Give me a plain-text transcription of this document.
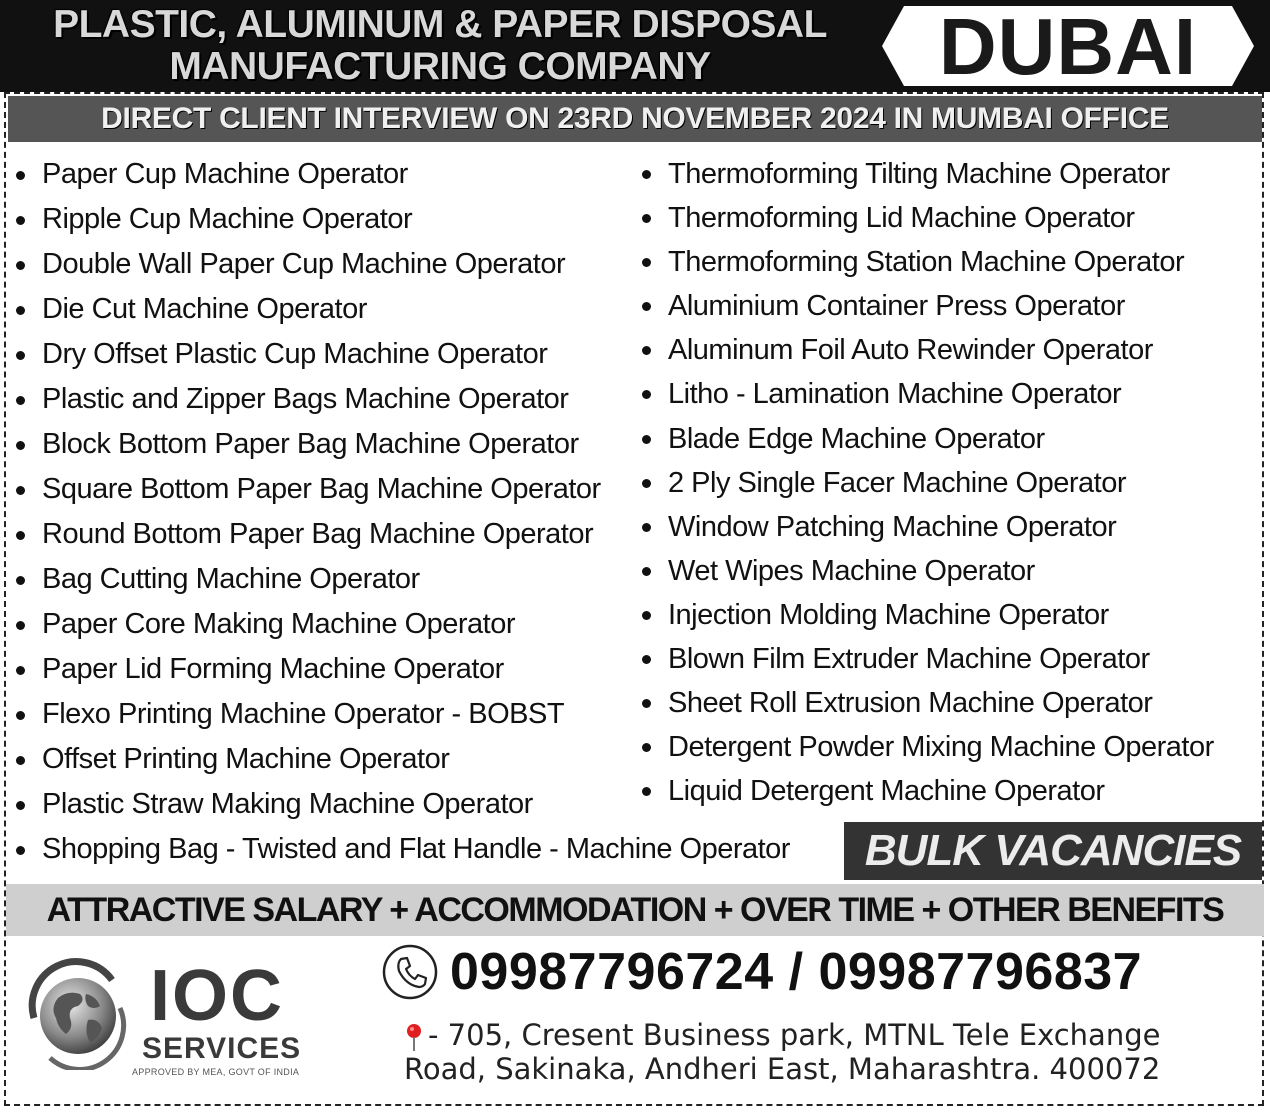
PLASTIC, ALUMINUM & PAPER DISPOSAL
MANUFACTURING COMPANY	DUBAI
DIRECT CLIENT INTERVIEW ON 23RD NOVEMBER 2024 IN MUMBAI OFFICE
Paper Cup Machine Operator
Ripple Cup Machine Operator
Double Wall Paper Cup Machine Operator
Die Cut Machine Operator
Dry Offset Plastic Cup Machine Operator
Plastic and Zipper Bags Machine Operator
Block Bottom Paper Bag Machine Operator
Square Bottom Paper Bag Machine Operator
Round Bottom Paper Bag Machine Operator
Bag Cutting Machine Operator
Paper Core Making Machine Operator
Paper Lid Forming Machine Operator
Flexo Printing Machine Operator - BOBST
Offset Printing Machine Operator
Plastic Straw Making Machine Operator
Shopping Bag - Twisted and Flat Handle - Machine Operator
Thermoforming Tilting Machine Operator
Thermoforming Lid Machine Operator
Thermoforming Station Machine Operator
Aluminium Container Press Operator
Aluminum Foil Auto Rewinder Operator
Litho - Lamination Machine Operator
Blade Edge Machine Operator
2 Ply Single Facer Machine Operator
Window Patching Machine Operator
Wet Wipes Machine Operator
Injection Molding Machine Operator
Blown Film Extruder Machine Operator
Sheet Roll Extrusion Machine Operator
Detergent Powder Mixing Machine Operator
Liquid Detergent Machine Operator
BULK VACANCIES
ATTRACTIVE SALARY + ACCOMMODATION + OVER TIME + OTHER BENEFITS
IOC
SERVICES
APPROVED BY MEA, GOVT OF INDIA
09987796724 / 09987796837
- 705, Cresent Business park, MTNL Tele Exchange
Road, Sakinaka, Andheri East, Maharashtra. 400072
